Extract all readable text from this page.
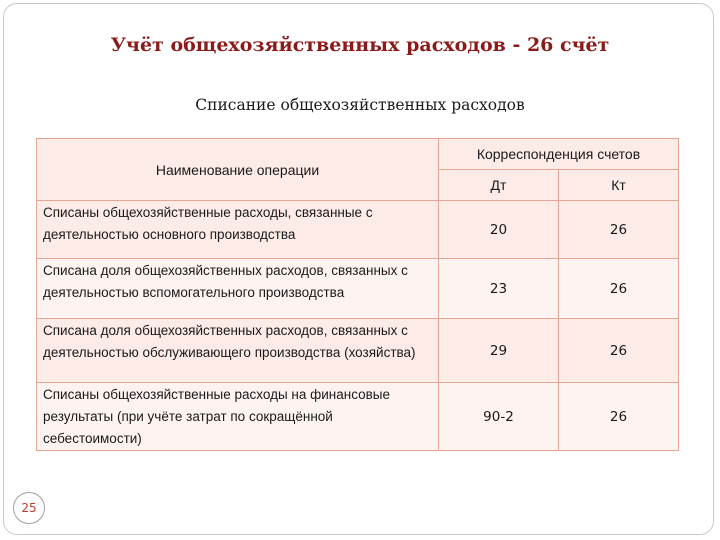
Учёт общехозяйственных расходов - 26 счёт
Списание общехозяйственных расходов
Наименование операции	Корреспонденция счетов	
	Дт	Кт
Списаны общехозяйственные расходы, связанные с деятельностью основного производства	20	26
Списана доля общехозяйственных расходов, связанных с деятельностью вспомогательного производства	23	26
Списана доля общехозяйственных расходов, связанных с деятельностью обслуживающего производства (хозяйства)	29	26
Списаны общехозяйственные расходы на финансовые результаты (при учёте затрат по сокращённой себестоимости)	90-2	26
25
